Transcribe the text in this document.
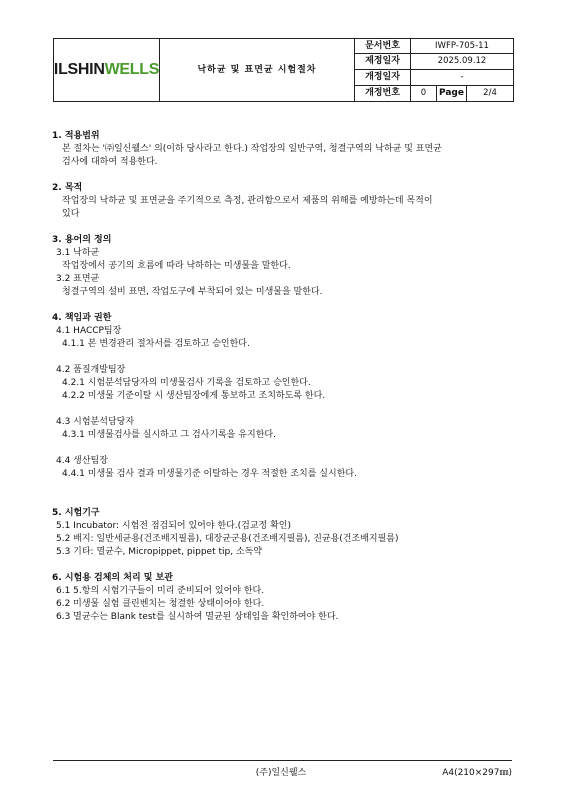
ILSHIN WELLS	낙하균 및 표면균 시험절차	문서번호	IWFP-705-11		
		제정일자	2025.09.12		
		개정일자	-		
		개정번호	0	Page	2/4
1. 적용범위
본 절차는 '㈜일신웰스' 의(이하 당사라고 한다.) 작업장의 일반구역, 청결구역의 낙하균 및 표면균
검사에 대하여 적용한다.
2. 목적
작업장의 낙하균 및 표면균을 주기적으로 측정, 관리함으로서 제품의 위해를 예방하는데 목적이
있다
3. 용어의 정의
3.1 낙하균
작업장에서 공기의 흐름에 따라 낙하하는 미생물을 말한다.
3.2 표면균
청결구역의 설비 표면, 작업도구에 부착되어 있는 미생물을 말한다.
4. 책임과 권한
4.1 HACCP팀장
4.1.1 본 변경관리 절차서를 검토하고 승인한다.
4.2 품질개발팀장
4.2.1 시험분석담당자의 미생물검사 기록을 검토하고 승인한다.
4.2.2 미생물 기준이탈 시 생산팀장에게 통보하고 조치하도록 한다.
4.3 시험분석담당자
4.3.1 미생물검사를 실시하고 그 검사기록을 유지한다.
4.4 생산팀장
4.4.1 미생물 검사 결과 미생물기준 이탈하는 경우 적절한 조치를 실시한다.
5. 시험기구
5.1 Incubator: 시험전 점검되어 있어야 한다.(검교정 확인)
5.2 배지: 일반세균용(건조배지필름), 대장균군용(건조배지필름), 진균용(건조배지필름)
5.3 기타: 멸균수, Micropippet, pippet tip, 소독약
6. 시험용 검체의 처리 및 보관
6.1 5.항의 시험기구들이 미리 준비되어 있어야 한다.
6.2 미생물 실험 클린벤치는 청결한 상태이어야 한다.
6.3 멸균수는 Blank test를 실시하여 멸균된 상태임을 확인하여야 한다.
(주)일신웰스	A4(210×297㎜)
